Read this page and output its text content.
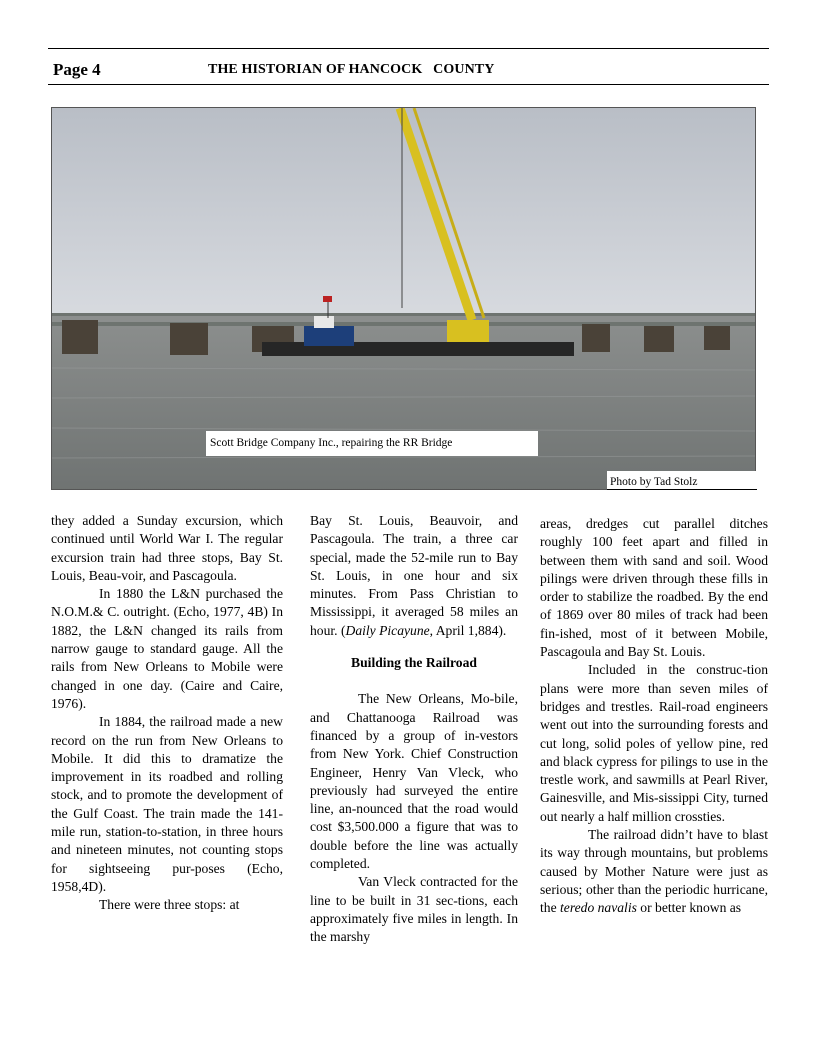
Page 4	THE HISTORIAN OF HANCOCK   COUNTY
Scott Bridge Company Inc., repairing the RR Bridge
Photo by Tad Stolz

they added a Sunday excursion, which continued until World War I. The regular excursion train had three stops, Bay St. Louis, Beau-voir, and Pascagoula.

In 1880 the L&N purchased the N.O.M.& C. outright. (Echo, 1977, 4B) In 1882, the L&N changed its rails from narrow gauge to standard gauge. All the rails from New Orleans to Mobile were changed in one day. (Caire and Caire, 1976).

In 1884, the railroad made a new record on the run from New Orleans to Mobile. It did this to dramatize the improvement in its roadbed and rolling stock, and to promote the development of the Gulf Coast. The train made the 141-mile run, station-to-station, in three hours and nineteen minutes, not counting stops for sightseeing pur-poses (Echo, 1958,4D).

There were three stops: at

Bay St. Louis, Beauvoir, and Pascagoula. The train, a three car special, made the 52-mile run to Bay St. Louis, in one hour and six minutes. From Pass Christian to Mississippi, it averaged 58 miles an hour. (Daily Picayune, April 1,884).

Building the Railroad

The New Orleans, Mo-bile, and Chattanooga Railroad was financed by a group of in-vestors from New York. Chief Construction Engineer, Henry Van Vleck, who previously had surveyed the entire line, an-nounced that the road would cost $3,500.000 a figure that was to double before the line was actually completed.

Van Vleck contracted for the line to be built in 31 sec-tions, each approximately five miles in length. In the marshy

areas, dredges cut parallel ditches roughly 100 feet apart and filled in between them with sand and soil. Wood pilings were driven through these fills in order to stabilize the roadbed. By the end of 1869 over 80 miles of track had been fin-ished, most of it between Mobile, Pascagoula and Bay St. Louis.

Included in the construc-tion plans were more than seven miles of bridges and trestles. Rail-road engineers went out into the surrounding forests and cut long, solid poles of yellow pine, red and black cypress for pilings to use in the trestle work, and sawmills at Pearl River, Gainesville, and Mis-sissippi City, turned out nearly a half million crossties.

The railroad didn’t have to blast its way through mountains, but problems caused by Mother Nature were just as serious; other than the periodic hurricane, the teredo navalis or better known as
